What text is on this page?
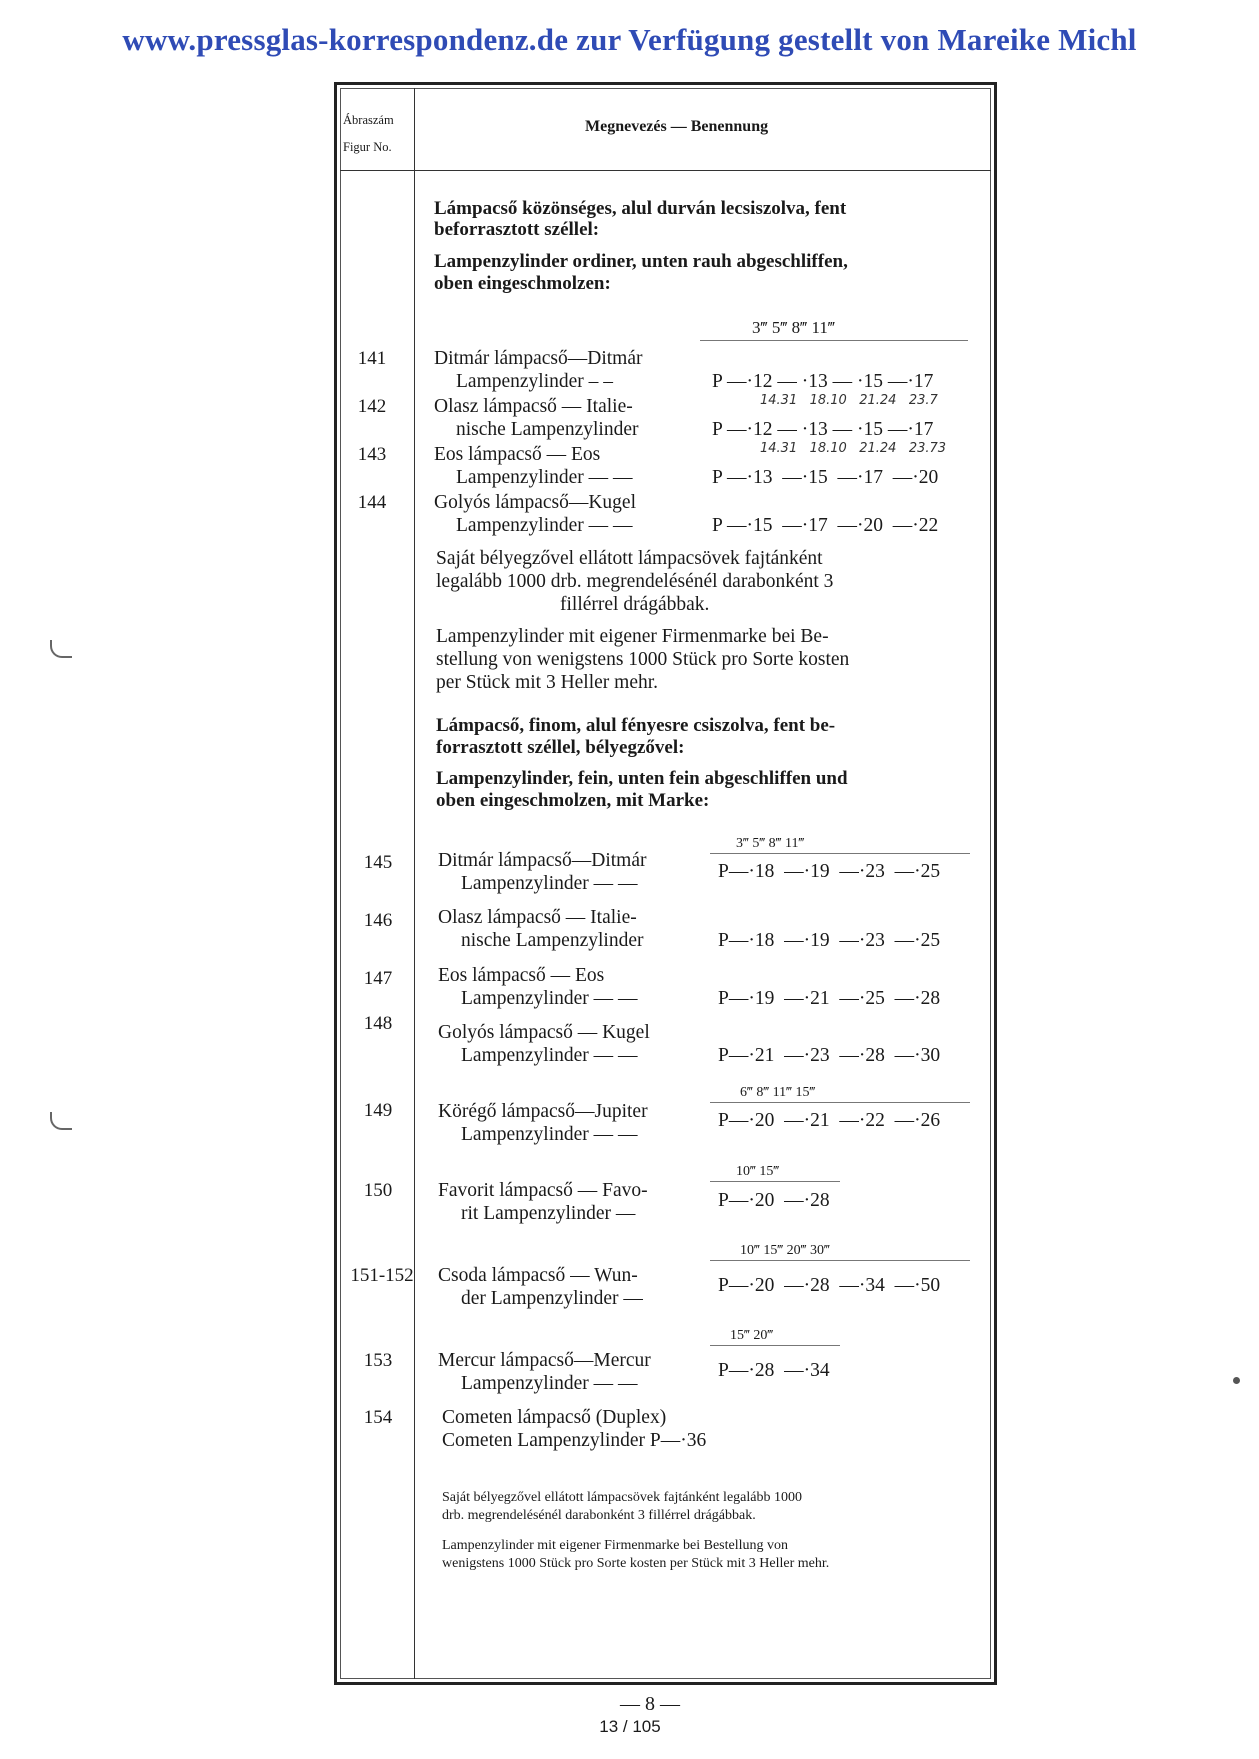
www.pressglas-korrespondenz.de zur Verfügung gestellt von Mareike Michl
Ábraszám
Figur No.
Megnevezés — Benennung
Lámpacső közönséges, alul durván lecsiszolva, fent
beforrasztott széllel:
Lampenzylinder ordiner, unten rauh abgeschliffen,
oben eingeschmolzen:
3‴ 5‴ 8‴ 11‴
141	Ditmár lámpacső—Ditmár
Lampenzylinder – –	P —·12 — ·13 — ·15 —·17
14.31   18.10   21.24   23.7
142	Olasz lámpacső — Italie-
nische Lampenzylinder	P —·12 — ·13 — ·15 —·17
14.31   18.10   21.24   23.73
143	Eos lámpacső — Eos
Lampenzylinder — —	P —·13  —·15  —·17  —·20
144	Golyós lámpacső—Kugel
Lampenzylinder — —	P —·15  —·17  —·20  —·22
Saját bélyegzővel ellátott lámpacsövek fajtánként
legalább 1000 drb. megrendelésénél darabonként 3
fillérrel drágábbak.
Lampenzylinder mit eigener Firmenmarke bei Be-
stellung von wenigstens 1000 Stück pro Sorte kosten
per Stück mit 3 Heller mehr.
Lámpacső, finom, alul fényesre csiszolva, fent be-
forrasztott széllel, bélyegzővel:
Lampenzylinder, fein, unten fein abgeschliffen und
oben eingeschmolzen, mit Marke:
3‴ 5‴ 8‴ 11‴
145	Ditmár lámpacső—Ditmár
Lampenzylinder — —
P—·18  —·19  —·23  —·25
146	Olasz lámpacső — Italie-
nische Lampenzylinder	P—·18  —·19  —·23  —·25
147	Eos lámpacső — Eos
Lampenzylinder — —	P—·19  —·21  —·25  —·28
148	Golyós lámpacső — Kugel
Lampenzylinder — —	P—·21  —·23  —·28  —·30
6‴ 8‴ 11‴ 15‴
149	Körégő lámpacső—Jupiter
Lampenzylinder — —
P—·20  —·21  —·22  —·26
10‴ 15‴
150	Favorit lámpacső — Favo-
rit Lampenzylinder —
P—·20  —·28
10‴ 15‴ 20‴ 30‴
151-152	Csoda lámpacső — Wun-
der Lampenzylinder —
P—·20  —·28  —·34  —·50
15‴ 20‴
153	Mercur lámpacső—Mercur
Lampenzylinder — —
P—·28  —·34
154	Cometen lámpacső (Duplex)
Cometen Lampenzylinder P—·36
Saját bélyegzővel ellátott lámpacsövek fajtánként legalább 1000
drb. megrendelésénél darabonként 3 fillérrel drágábbak.
Lampenzylinder mit eigener Firmenmarke bei Bestellung von
wenigstens 1000 Stück pro Sorte kosten per Stück mit 3 Heller mehr.
— 8 —
13 / 105
